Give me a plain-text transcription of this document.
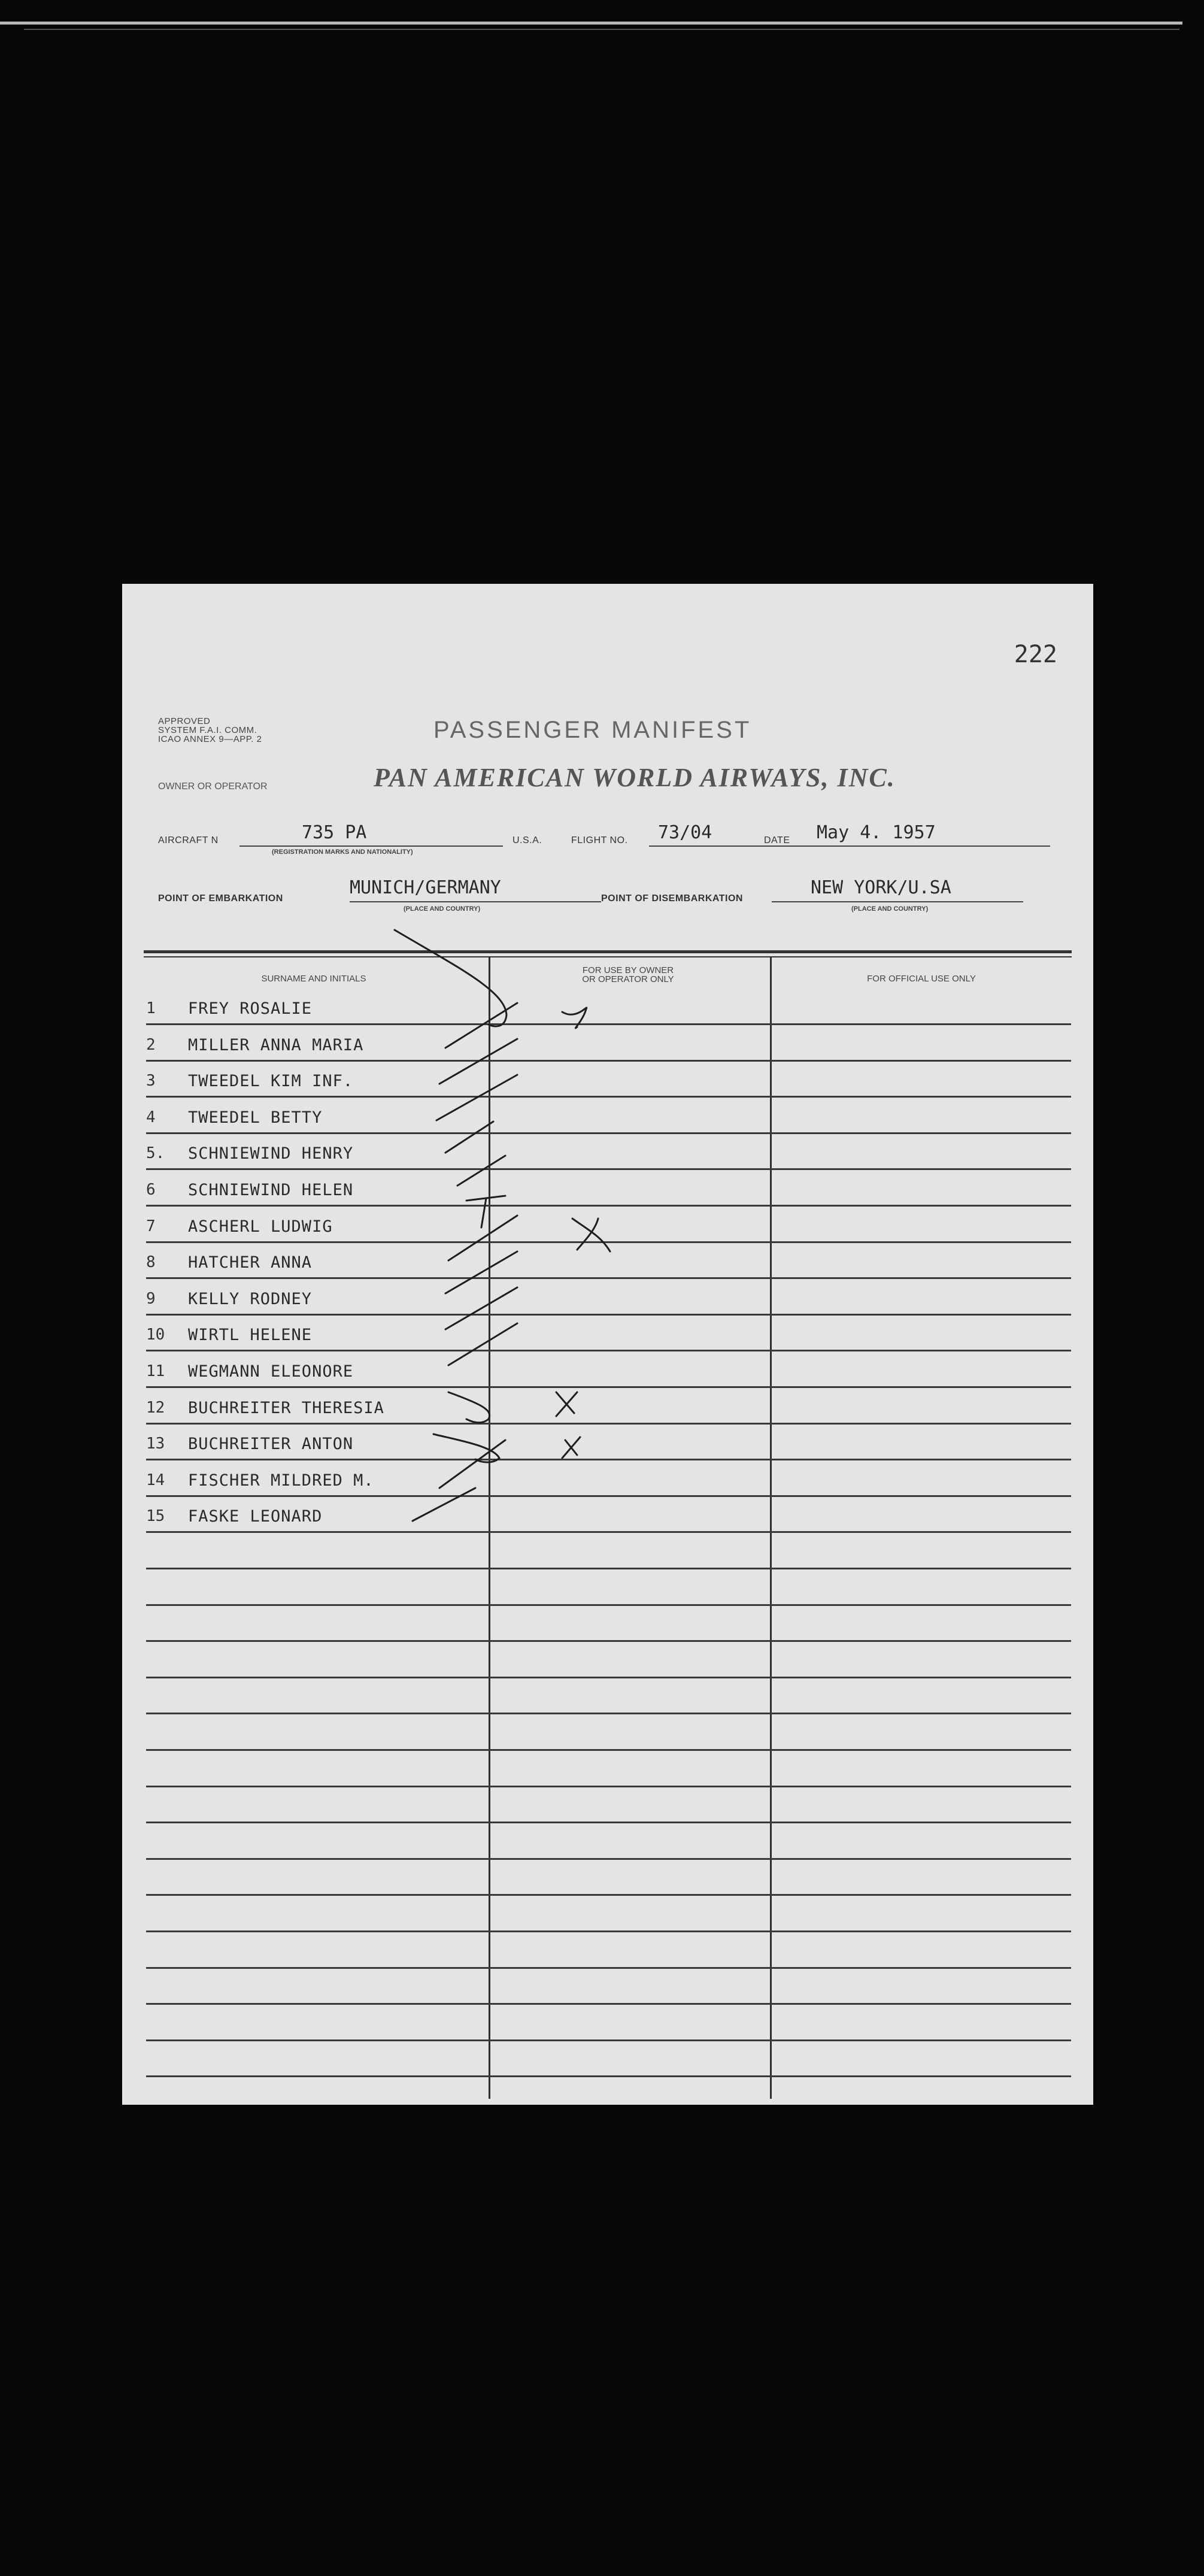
222
APPROVED
SYSTEM F.A.I. COMM.
ICAO ANNEX 9—APP. 2	PASSENGER MANIFEST
OWNER OR OPERATOR	PAN AMERICAN WORLD AIRWAYS, INC.
AIRCRAFT N	735 PA
(REGISTRATION MARKS AND NATIONALITY)
U.S.A.	FLIGHT NO. 73/04	DATE May 4. 1957
POINT OF EMBARKATION
MUNICH/GERMANY
(PLACE AND COUNTRY)
POINT OF DISEMBARKATION
NEW YORK/U.SA
(PLACE AND COUNTRY)
SURNAME AND INITIALS
FOR USE BY OWNER
OR OPERATOR ONLY	FOR OFFICIAL USE ONLY
1	FREY ROSALIE
2	MILLER ANNA MARIA
3	TWEEDEL KIM INF.
4	TWEEDEL BETTY
5.	SCHNIEWIND HENRY
6	SCHNIEWIND HELEN
7	ASCHERL LUDWIG
8	HATCHER ANNA
9	KELLY RODNEY
10	WIRTL HELENE
11	WEGMANN ELEONORE
12	BUCHREITER THERESIA
13	BUCHREITER ANTON
14	FISCHER MILDRED M.
15	FASKE LEONARD
